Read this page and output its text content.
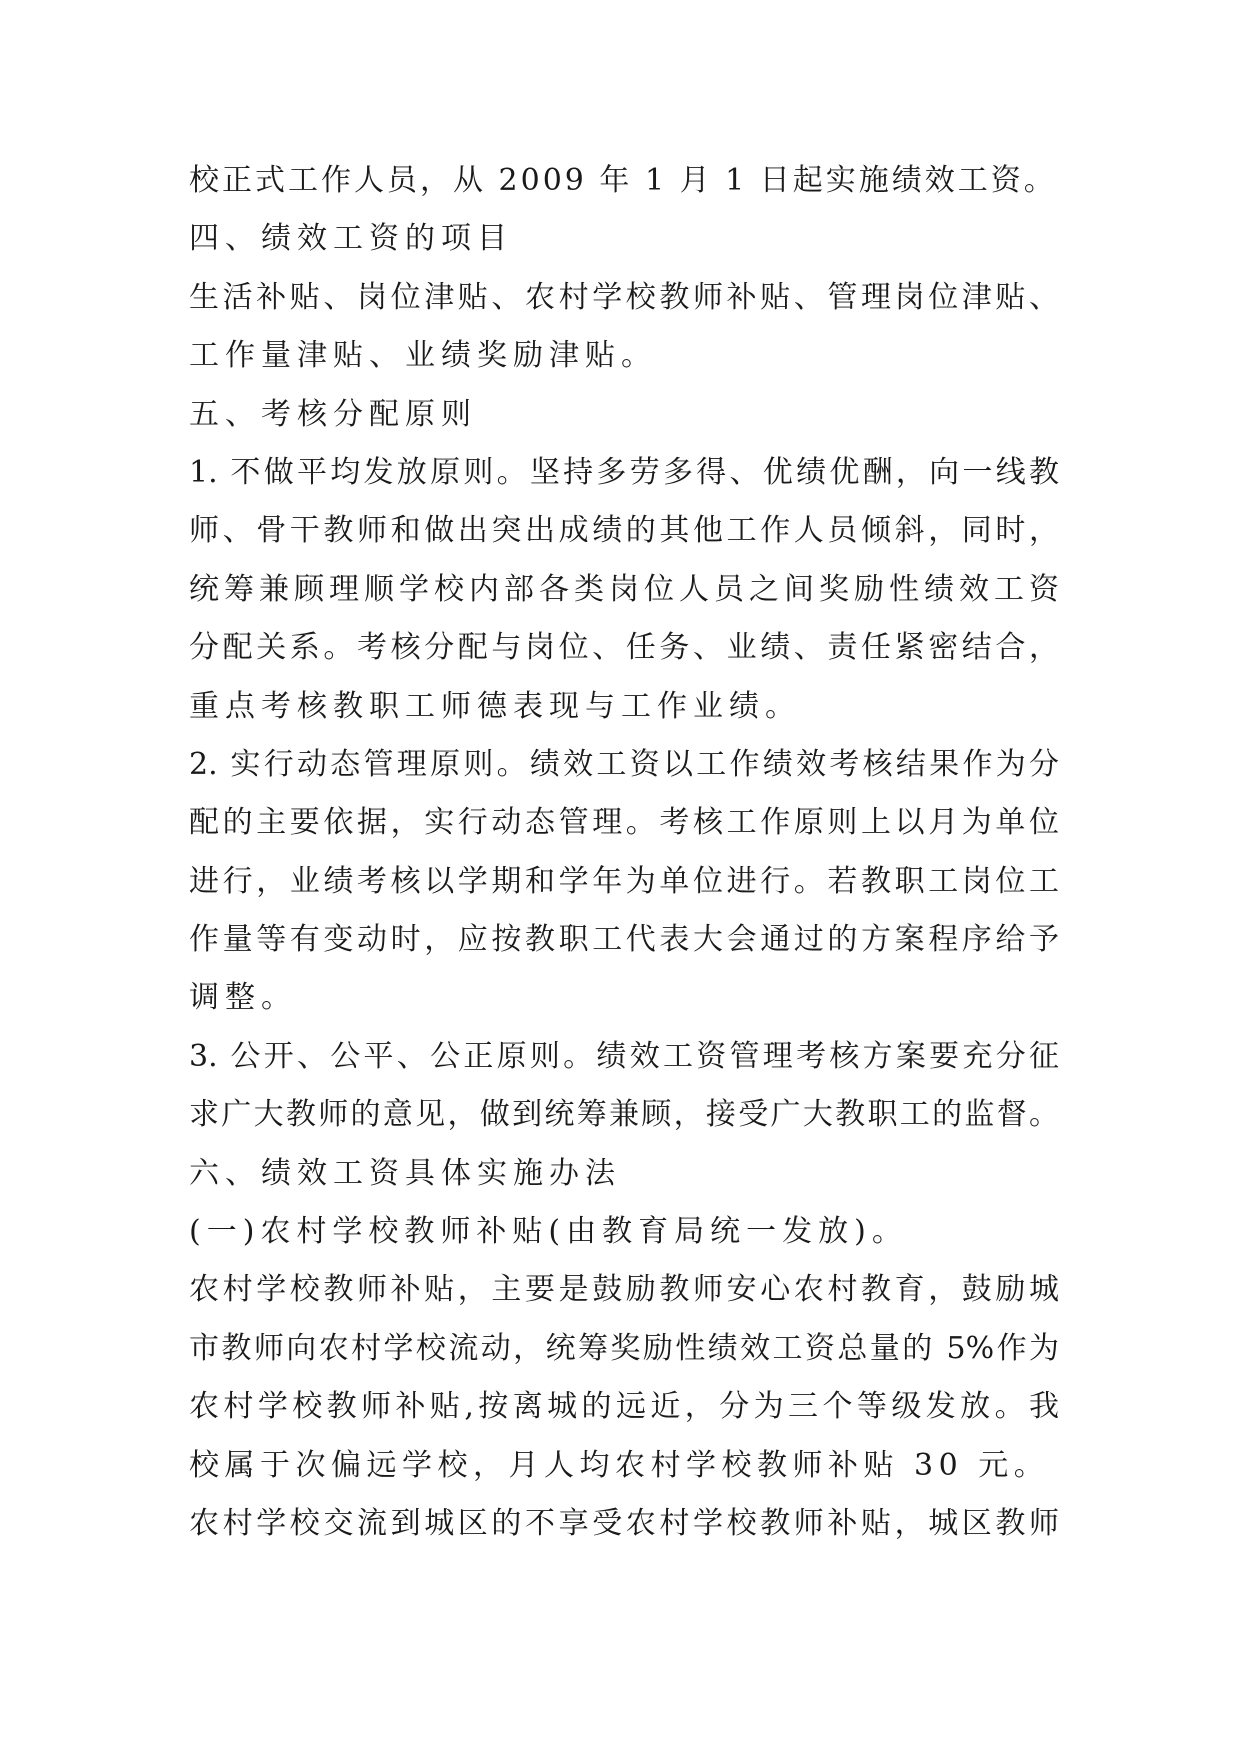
校正式工作人员，从 2009 年 1 月 1 日起实施绩效工资。
四、绩效工资的项目
生活补贴、岗位津贴、农村学校教师补贴、管理岗位津贴、
工作量津贴、业绩奖励津贴。
五、考核分配原则
1. 不做平均发放原则。坚持多劳多得、优绩优酬，向一线教
师、骨干教师和做出突出成绩的其他工作人员倾斜，同时，
统筹兼顾理顺学校内部各类岗位人员之间奖励性绩效工资
分配关系。考核分配与岗位、任务、业绩、责任紧密结合，
重点考核教职工师德表现与工作业绩。
2. 实行动态管理原则。绩效工资以工作绩效考核结果作为分
配的主要依据，实行动态管理。考核工作原则上以月为单位
进行，业绩考核以学期和学年为单位进行。若教职工岗位工
作量等有变动时，应按教职工代表大会通过的方案程序给予
调整。
3. 公开、公平、公正原则。绩效工资管理考核方案要充分征
求广大教师的意见，做到统筹兼顾，接受广大教职工的监督。
六、绩效工资具体实施办法
(一)农村学校教师补贴(由教育局统一发放)。
农村学校教师补贴，主要是鼓励教师安心农村教育，鼓励城
市教师向农村学校流动，统筹奖励性绩效工资总量的 5%作为
农村学校教师补贴,按离城的远近，分为三个等级发放。我
校属于次偏远学校，月人均农村学校教师补贴 30 元。
农村学校交流到城区的不享受农村学校教师补贴，城区教师
